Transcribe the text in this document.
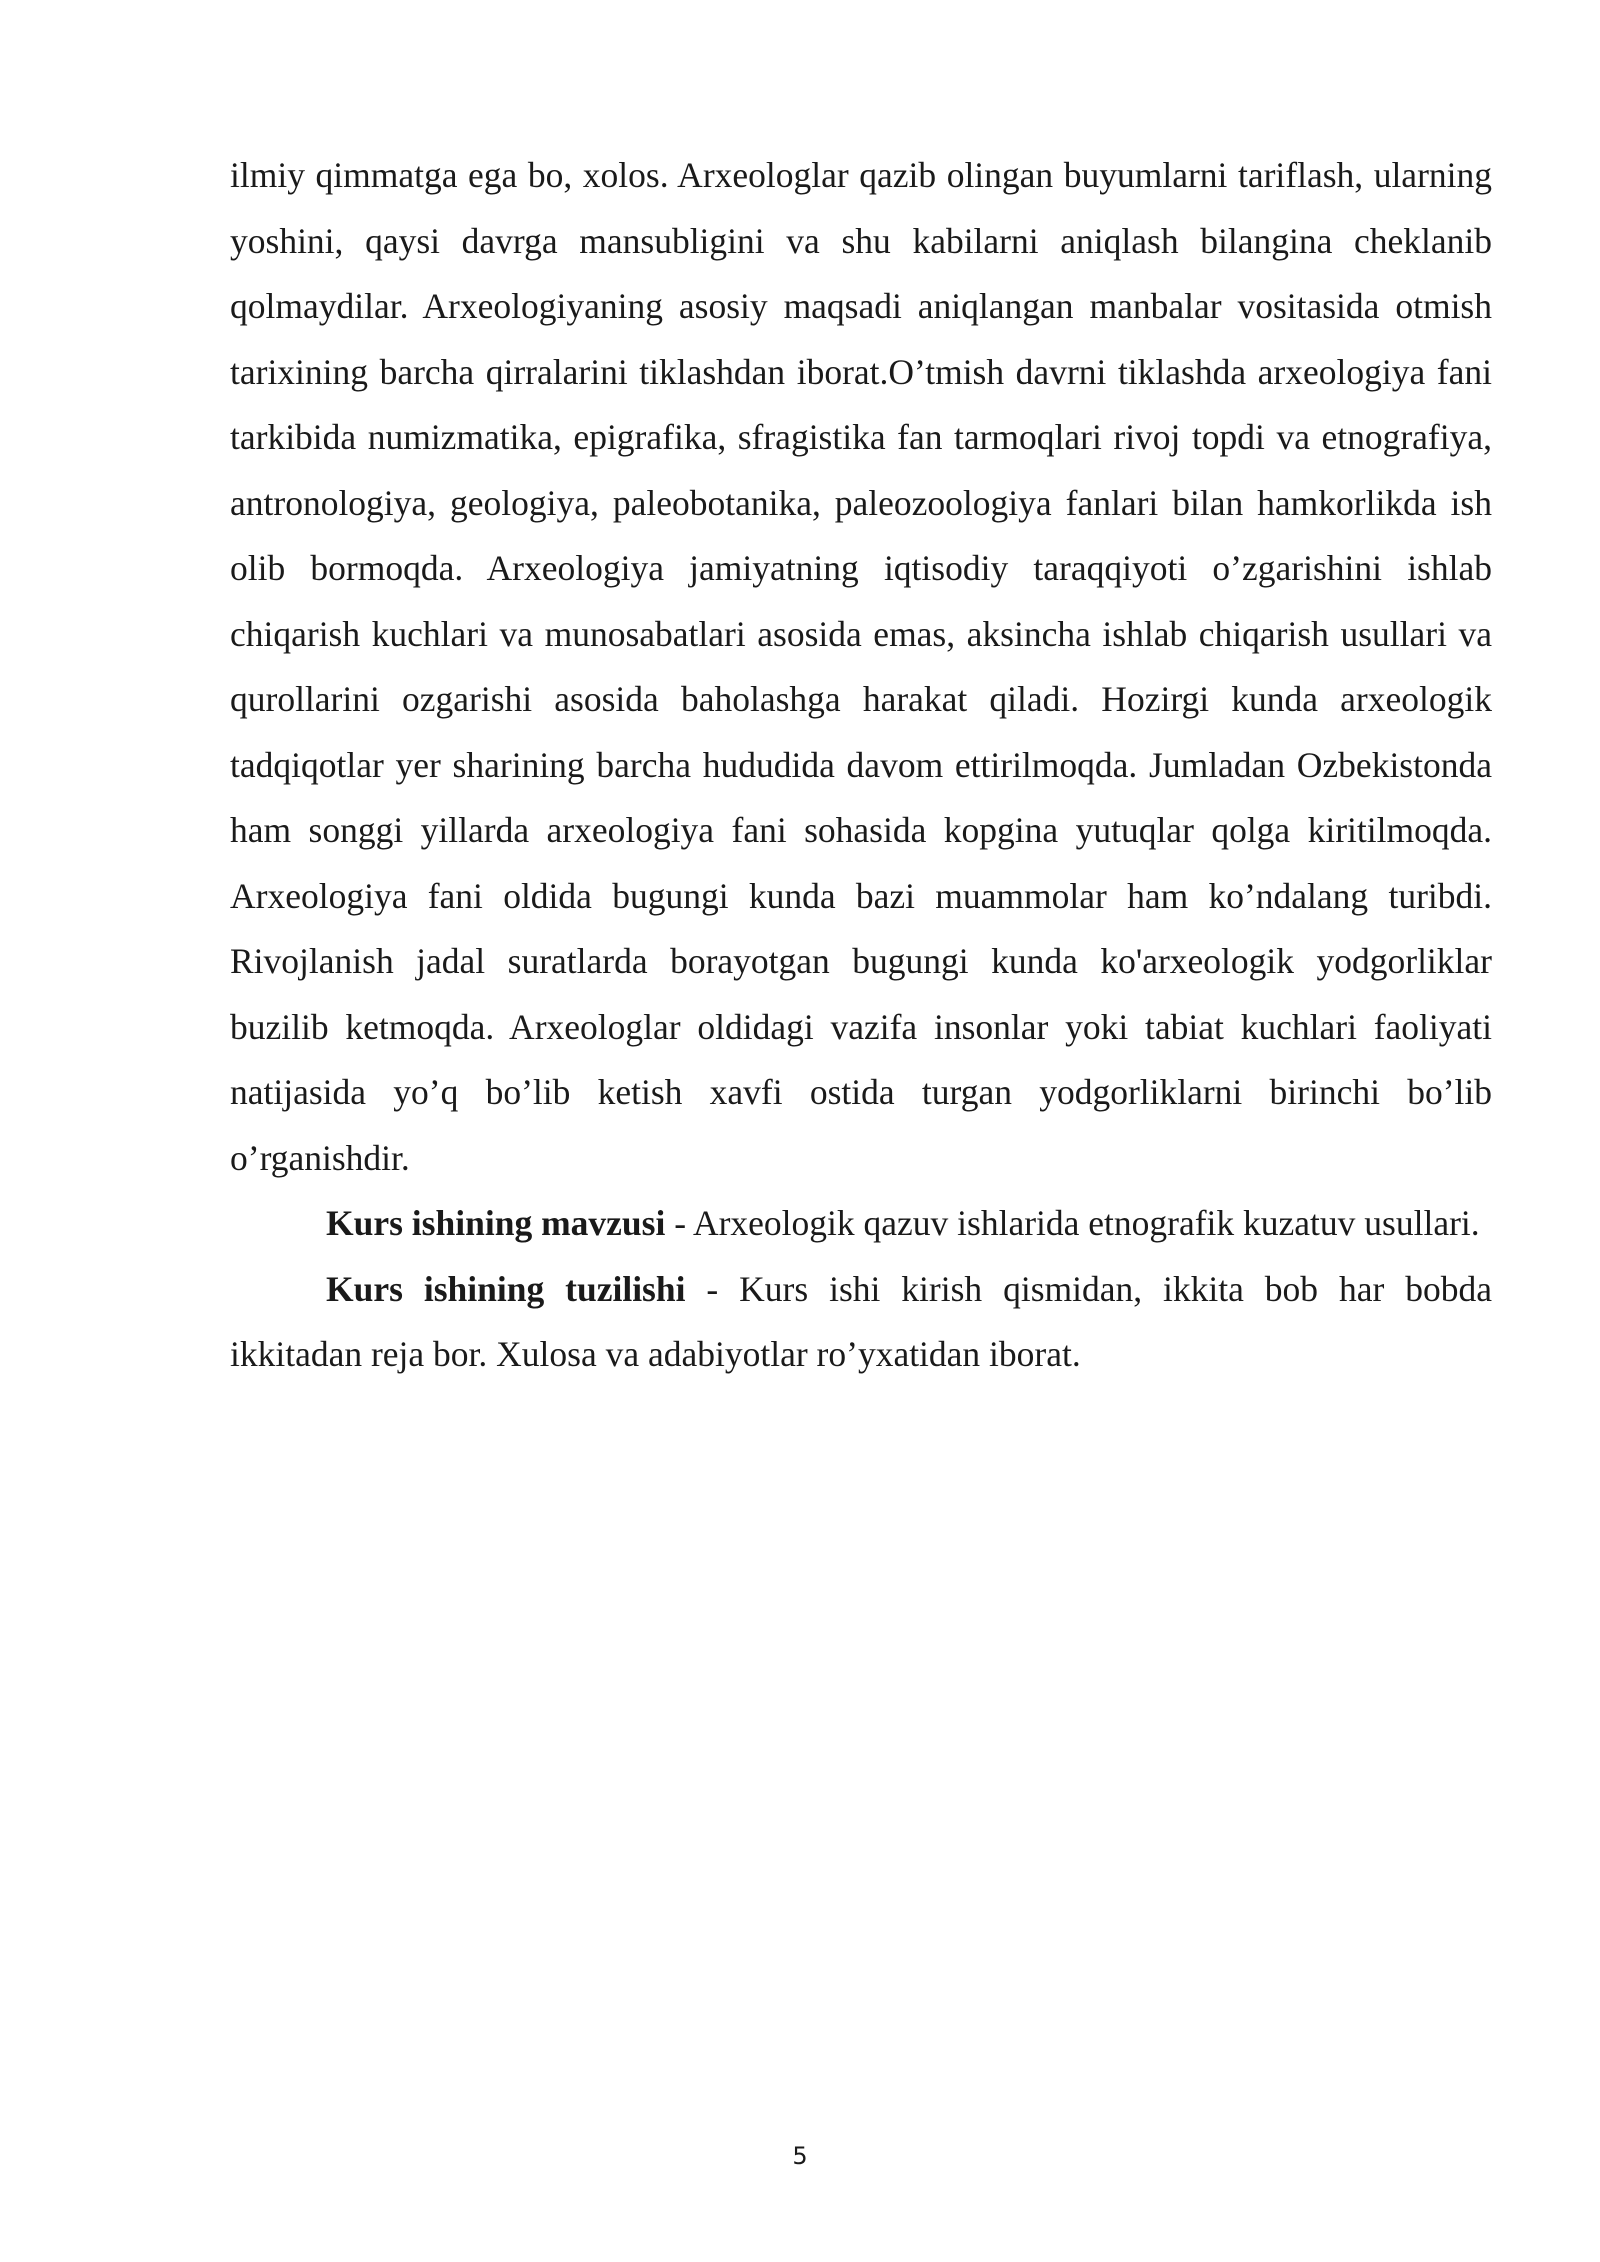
ilmiy qimmatga ega bo, xolos. Arxeologlar qazib olingan buyumlarni tariflash, ularning yoshini, qaysi davrga mansubligini va shu kabilarni aniqlash bilangina cheklanib qolmaydilar. Arxeologiyaning asosiy maqsadi aniqlangan manbalar vositasida otmish tarixining barcha qirralarini tiklashdan iborat.O’tmish davrni tiklashda arxeologiya fani tarkibida numizmatika, epigrafika, sfragistika fan tarmoqlari rivoj topdi va etnografiya, antronologiya, geologiya, paleobotanika, paleozoologiya fanlari bilan hamkorlikda ish olib bormoqda. Arxeologiya jamiyatning iqtisodiy taraqqiyoti o’zgarishini ishlab chiqarish kuchlari va munosabatlari asosida emas, aksincha ishlab chiqarish usullari va qurollarini ozgarishi asosida baholashga harakat qiladi. Hozirgi kunda arxeologik tadqiqotlar yer sharining barcha hududida davom ettirilmoqda. Jumladan Ozbekistonda ham songgi yillarda arxeologiya fani sohasida kopgina yutuqlar qolga kiritilmoqda. Arxeologiya fani oldida bugungi kunda bazi muammolar ham ko’ndalang turibdi. Rivojlanish jadal suratlarda borayotgan bugungi kunda ko'arxeologik yodgorliklar buzilib ketmoqda. Arxeologlar oldidagi vazifa insonlar yoki tabiat kuchlari faoliyati natijasida yo’q bo’lib ketish xavfi ostida turgan yodgorliklarni birinchi bo’lib o’rganishdir.

Kurs ishining mavzusi - Arxeologik qazuv ishlarida etnografik kuzatuv usullari.

Kurs ishining tuzilishi - Kurs ishi kirish qismidan, ikkita bob har bobda ikkitadan reja bor. Xulosa va adabiyotlar ro’yxatidan iborat.

5
